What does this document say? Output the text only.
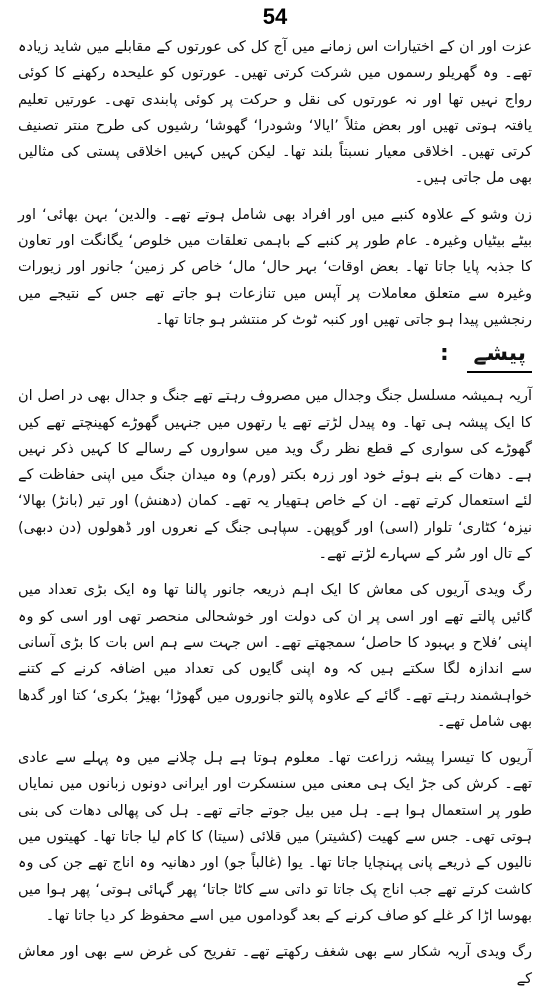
54

عزت اور ان کے اختیارات اس زمانے میں آج کل کی عورتوں کے مقابلے میں شاید زیادہ تھے۔ وہ گھریلو رسموں میں شرکت کرتی تھیں۔ عورتوں کو علیحدہ رکھنے کا کوئی رواج نہیں تھا اور نہ عورتوں کی نقل و حرکت پر کوئی پابندی تھی۔ عورتیں تعلیم یافتہ ہوتی تھیں اور بعض مثلاً ’ایالا‘ وشودرا‘ گھوشا‘ رشیوں کی طرح منتر تصنیف کرتی تھیں۔ اخلاقی معیار نسبتاً بلند تھا۔ لیکن کہیں کہیں اخلاقی پستی کی مثالیں بھی مل جاتی ہیں۔

زن وشو کے علاوہ کنبے میں اور افراد بھی شامل ہوتے تھے۔ والدین‘ بہن بھائی‘ اور بیٹے بیٹیاں وغیرہ۔ عام طور پر کنبے کے باہمی تعلقات میں خلوص‘ یگانگت اور تعاون کا جذبہ پایا جاتا تھا۔ بعض اوقات‘ بہر حال‘ مال‘ خاص کر زمین‘ جانور اور زیورات وغیرہ سے متعلق معاملات پر آپس میں تنازعات ہو جاتے تھے جس کے نتیجے میں رنجشیں پیدا ہو جاتی تھیں اور کنبہ ٹوٹ کر منتشر ہو جاتا تھا۔

پیشے :

آریہ ہمیشہ مسلسل جنگ وجدال میں مصروف رہتے تھے جنگ و جدال بھی در اصل ان کا ایک پیشہ ہی تھا۔ وہ پیدل لڑتے تھے یا رتھوں میں جنہیں گھوڑے کھینچتے تھے کیں گھوڑے کی سواری کے قطع نظر رگ وید میں سواروں کے رسالے کا کہیں ذکر نہیں ہے۔ دھات کے بنے ہوئے خود اور زرہ بکتر (ورم) وہ میدان جنگ میں اپنی حفاظت کے لئے استعمال کرتے تھے۔ ان کے خاص ہتھیار یہ تھے۔ کمان (دھنش) اور تیر (بانڑ) بھالا‘ نیزہ‘ کٹاری‘ تلوار (اسی) اور گوپھن۔ سپاہی جنگ کے نعروں اور ڈھولوں (دن دبھی) کے تال اور سُر کے سہارے لڑتے تھے۔

رگ ویدی آریوں کی معاش کا ایک اہم ذریعہ جانور پالنا تھا وہ ایک بڑی تعداد میں گائیں پالتے تھے اور اسی پر ان کی دولت اور خوشحالی منحصر تھی اور اسی کو وہ اپنی ’فلاح و بہبود کا حاصل‘ سمجھتے تھے۔ اس جہت سے ہم اس بات کا بڑی آسانی سے اندازہ لگا سکتے ہیں کہ وہ اپنی گایوں کی تعداد میں اضافہ کرنے کے کتنے خواہشمند رہتے تھے۔ گائے کے علاوہ پالتو جانوروں میں گھوڑا‘ بھیڑ‘ بکری‘ کتا اور گدھا بھی شامل تھے۔

آریوں کا تیسرا پیشہ زراعت تھا۔ معلوم ہوتا ہے ہل چلانے میں وہ پہلے سے عادی تھے۔ کرش کی جڑ ایک ہی معنی میں سنسکرت اور ایرانی دونوں زبانوں میں نمایاں طور پر استعمال ہوا ہے۔ ہل میں بیل جوتے جاتے تھے۔ ہل کی پھالی دھات کی بنی ہوتی تھی۔ جس سے کھیت (کشیتر) میں قلائی (سیتا) کا کام لیا جاتا تھا۔ کھیتوں میں نالیوں کے ذریعے پانی پہنچایا جاتا تھا۔ یوا (غالباً جو) اور دھانیہ وہ اناج تھے جن کی وہ کاشت کرتے تھے جب اناج پک جاتا تو داتی سے کاٹا جاتا‘ پھر گہائی ہوتی‘ پھر ہوا میں بھوسا اڑا کر غلے کو صاف کرنے کے بعد گوداموں میں اسے محفوظ کر دیا جاتا تھا۔

رگ ویدی آریہ شکار سے بھی شغف رکھتے تھے۔ تفریح کی غرض سے بھی اور معاش کے
